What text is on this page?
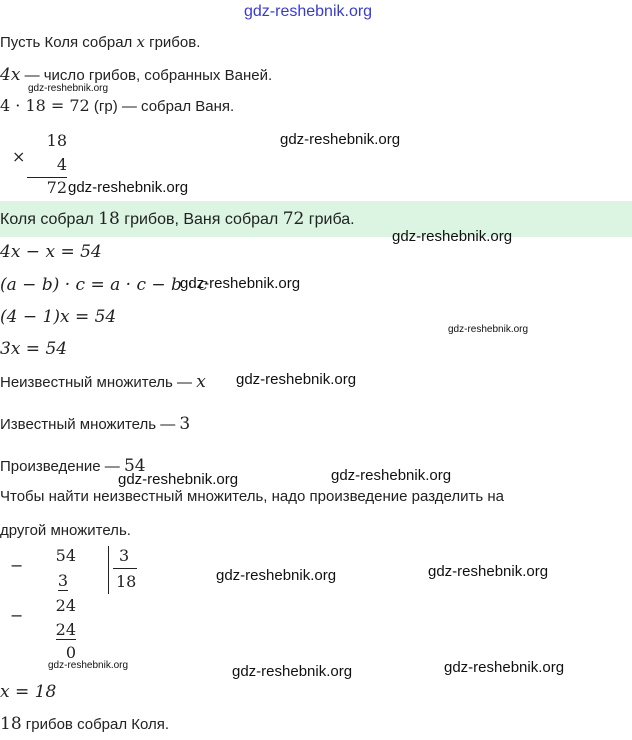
gdz-reshebnik.org
Пусть Коля собрал x грибов.
4x — число грибов, собранных Ваней.
gdz-reshebnik.org
4 · 18 = 72 (гр) — собрал Ваня.
×
18
4
72
gdz-reshebnik.org
gdz-reshebnik.org
Коля собрал 18 грибов, Ваня собрал 72 гриба.
gdz-reshebnik.org
4x − x = 54
(a − b) · c = a · c − b · c
gdz-reshebnik.org
(4 − 1)x = 54
gdz-reshebnik.org
3x = 54
Неизвестный множитель — x gdz-reshebnik.org
Известный множитель — 3
Произведение — 54
gdz-reshebnik.org	gdz-reshebnik.org
Чтобы найти неизвестный множитель, надо произведение разделить на
другой множитель.
−
54
3
3
18
−
24
24
0
gdz-reshebnik.org	gdz-reshebnik.org
gdz-reshebnik.org	gdz-reshebnik.org	gdz-reshebnik.org
x = 18
18 грибов собрал Коля.
